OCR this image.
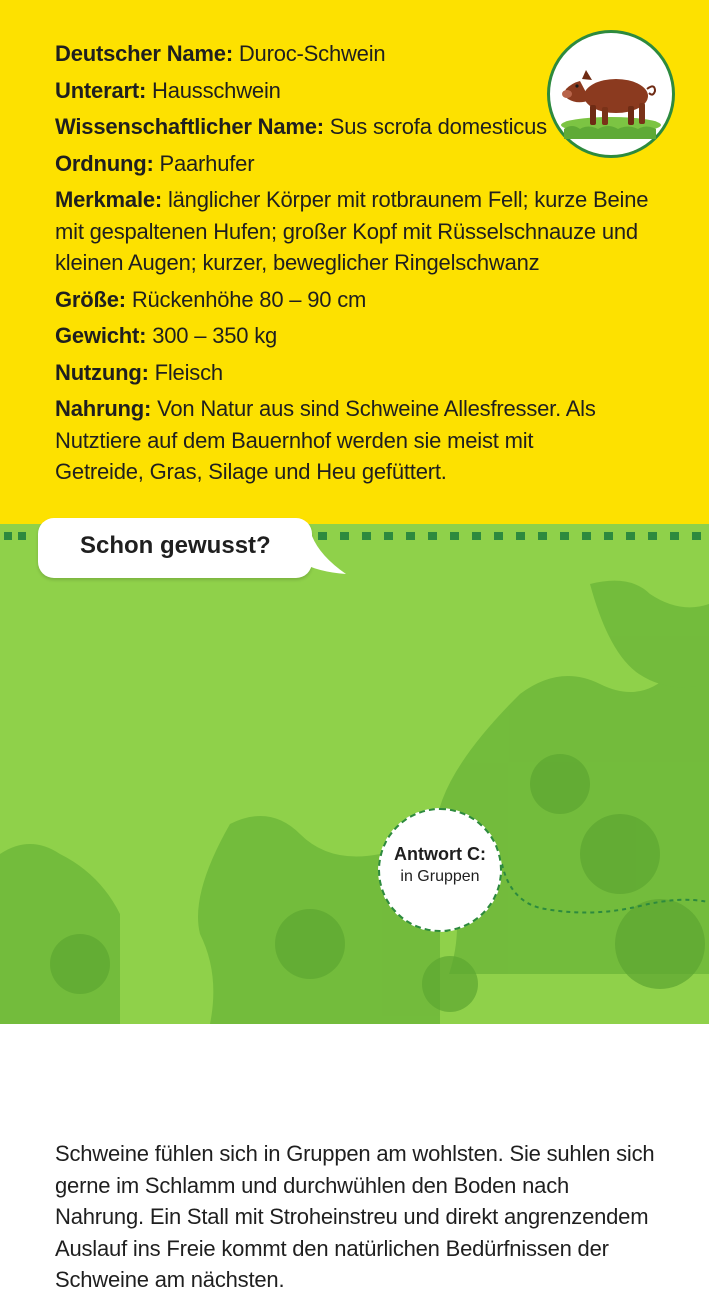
Deutscher Name: Duroc-Schwein

Unterart: Hausschwein

Wissenschaftlicher Name: Sus scrofa domesticus

Ordnung: Paarhufer

Merkmale: länglicher Körper mit rotbraunem Fell; kurze Beine mit gespaltenen Hufen; großer Kopf mit Rüsselschnauze und kleinen Augen; kurzer, beweglicher Ringelschwanz

Größe: Rückenhöhe 80 – 90 cm

Gewicht: 300 – 350 kg

Nutzung: Fleisch

Nahrung: Von Natur aus sind Schweine Allesfresser. Als Nutztiere auf dem Bauernhof werden sie meist mit Getreide, Gras, Silage und Heu gefüttert.

Schweine fühlen sich in Gruppen am wohlsten. Sie suhlen sich gerne im Schlamm und durchwühlen den Boden nach Nahrung. Ein Stall mit Stroheinstreu und direkt angrenzendem Auslauf ins Freie kommt den natürlichen Bedürfnissen der Schweine am nächsten.

Schon gewusst?
Antwort C:
in Gruppen
